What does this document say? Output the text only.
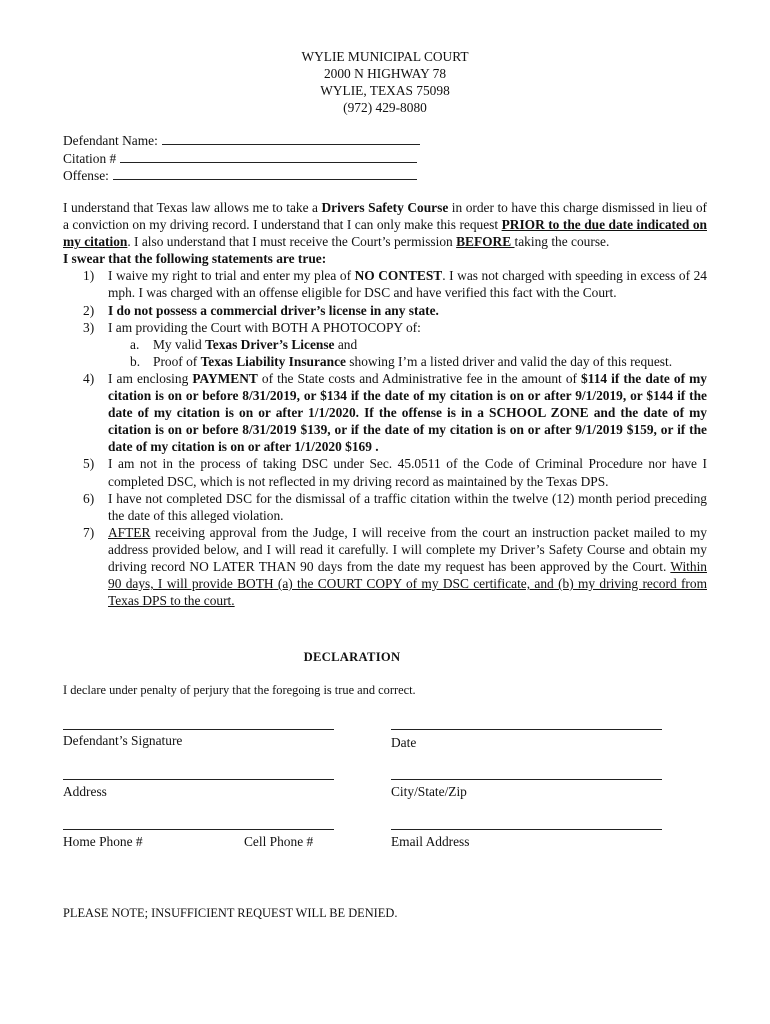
WYLIE MUNICIPAL COURT
2000 N HIGHWAY 78
WYLIE, TEXAS 75098
(972) 429-8080
Defendant Name:
Citation #
Offense:

I understand that Texas law allows me to take a Drivers Safety Course in order to have this charge dismissed in lieu of a conviction on my driving record. I understand that I can only make this request PRIOR to the due date indicated on my citation. I also understand that I must receive the Court’s permission BEFORE taking the course.

I swear that the following statements are true:

1) I waive my right to trial and enter my plea of NO CONTEST. I was not charged with speeding in excess of 24 mph. I was charged with an offense eligible for DSC and have verified this fact with the Court.
2) I do not possess a commercial driver’s license in any state.
3) I am providing the Court with BOTH A PHOTOCOPY of:
a. My valid Texas Driver’s License and
b. Proof of Texas Liability Insurance showing I’m a listed driver and valid the day of this request.
4) I am enclosing PAYMENT of the State costs and Administrative fee in the amount of $114 if the date of my citation is on or before 8/31/2019, or $134 if the date of my citation is on or after 9/1/2019, or $144 if the date of my citation is on or after 1/1/2020. If the offense is in a SCHOOL ZONE and the date of my citation is on or before 8/31/2019 $139, or if the date of my citation is on or after 9/1/2019 $159, or if the date of my citation is on or after 1/1/2020 $169 .
5) I am not in the process of taking DSC under Sec. 45.0511 of the Code of Criminal Procedure nor have I completed DSC, which is not reflected in my driving record as maintained by the Texas DPS.
6) I have not completed DSC for the dismissal of a traffic citation within the twelve (12) month period preceding the date of this alleged violation.
7) AFTER receiving approval from the Judge, I will receive from the court an instruction packet mailed to my address provided below, and I will read it carefully. I will complete my Driver’s Safety Course and obtain my driving record NO LATER THAN 90 days from the date my request has been approved by the Court. Within 90 days, I will provide BOTH (a) the COURT COPY of my DSC certificate, and (b) my driving record from Texas DPS to the court.
DECLARATION
I declare under penalty of perjury that the foregoing is true and correct.
Defendant’s Signature	Date
Address	City/State/Zip
Home Phone #	Cell Phone #	Email Address
PLEASE NOTE; INSUFFICIENT REQUEST WILL BE DENIED.
